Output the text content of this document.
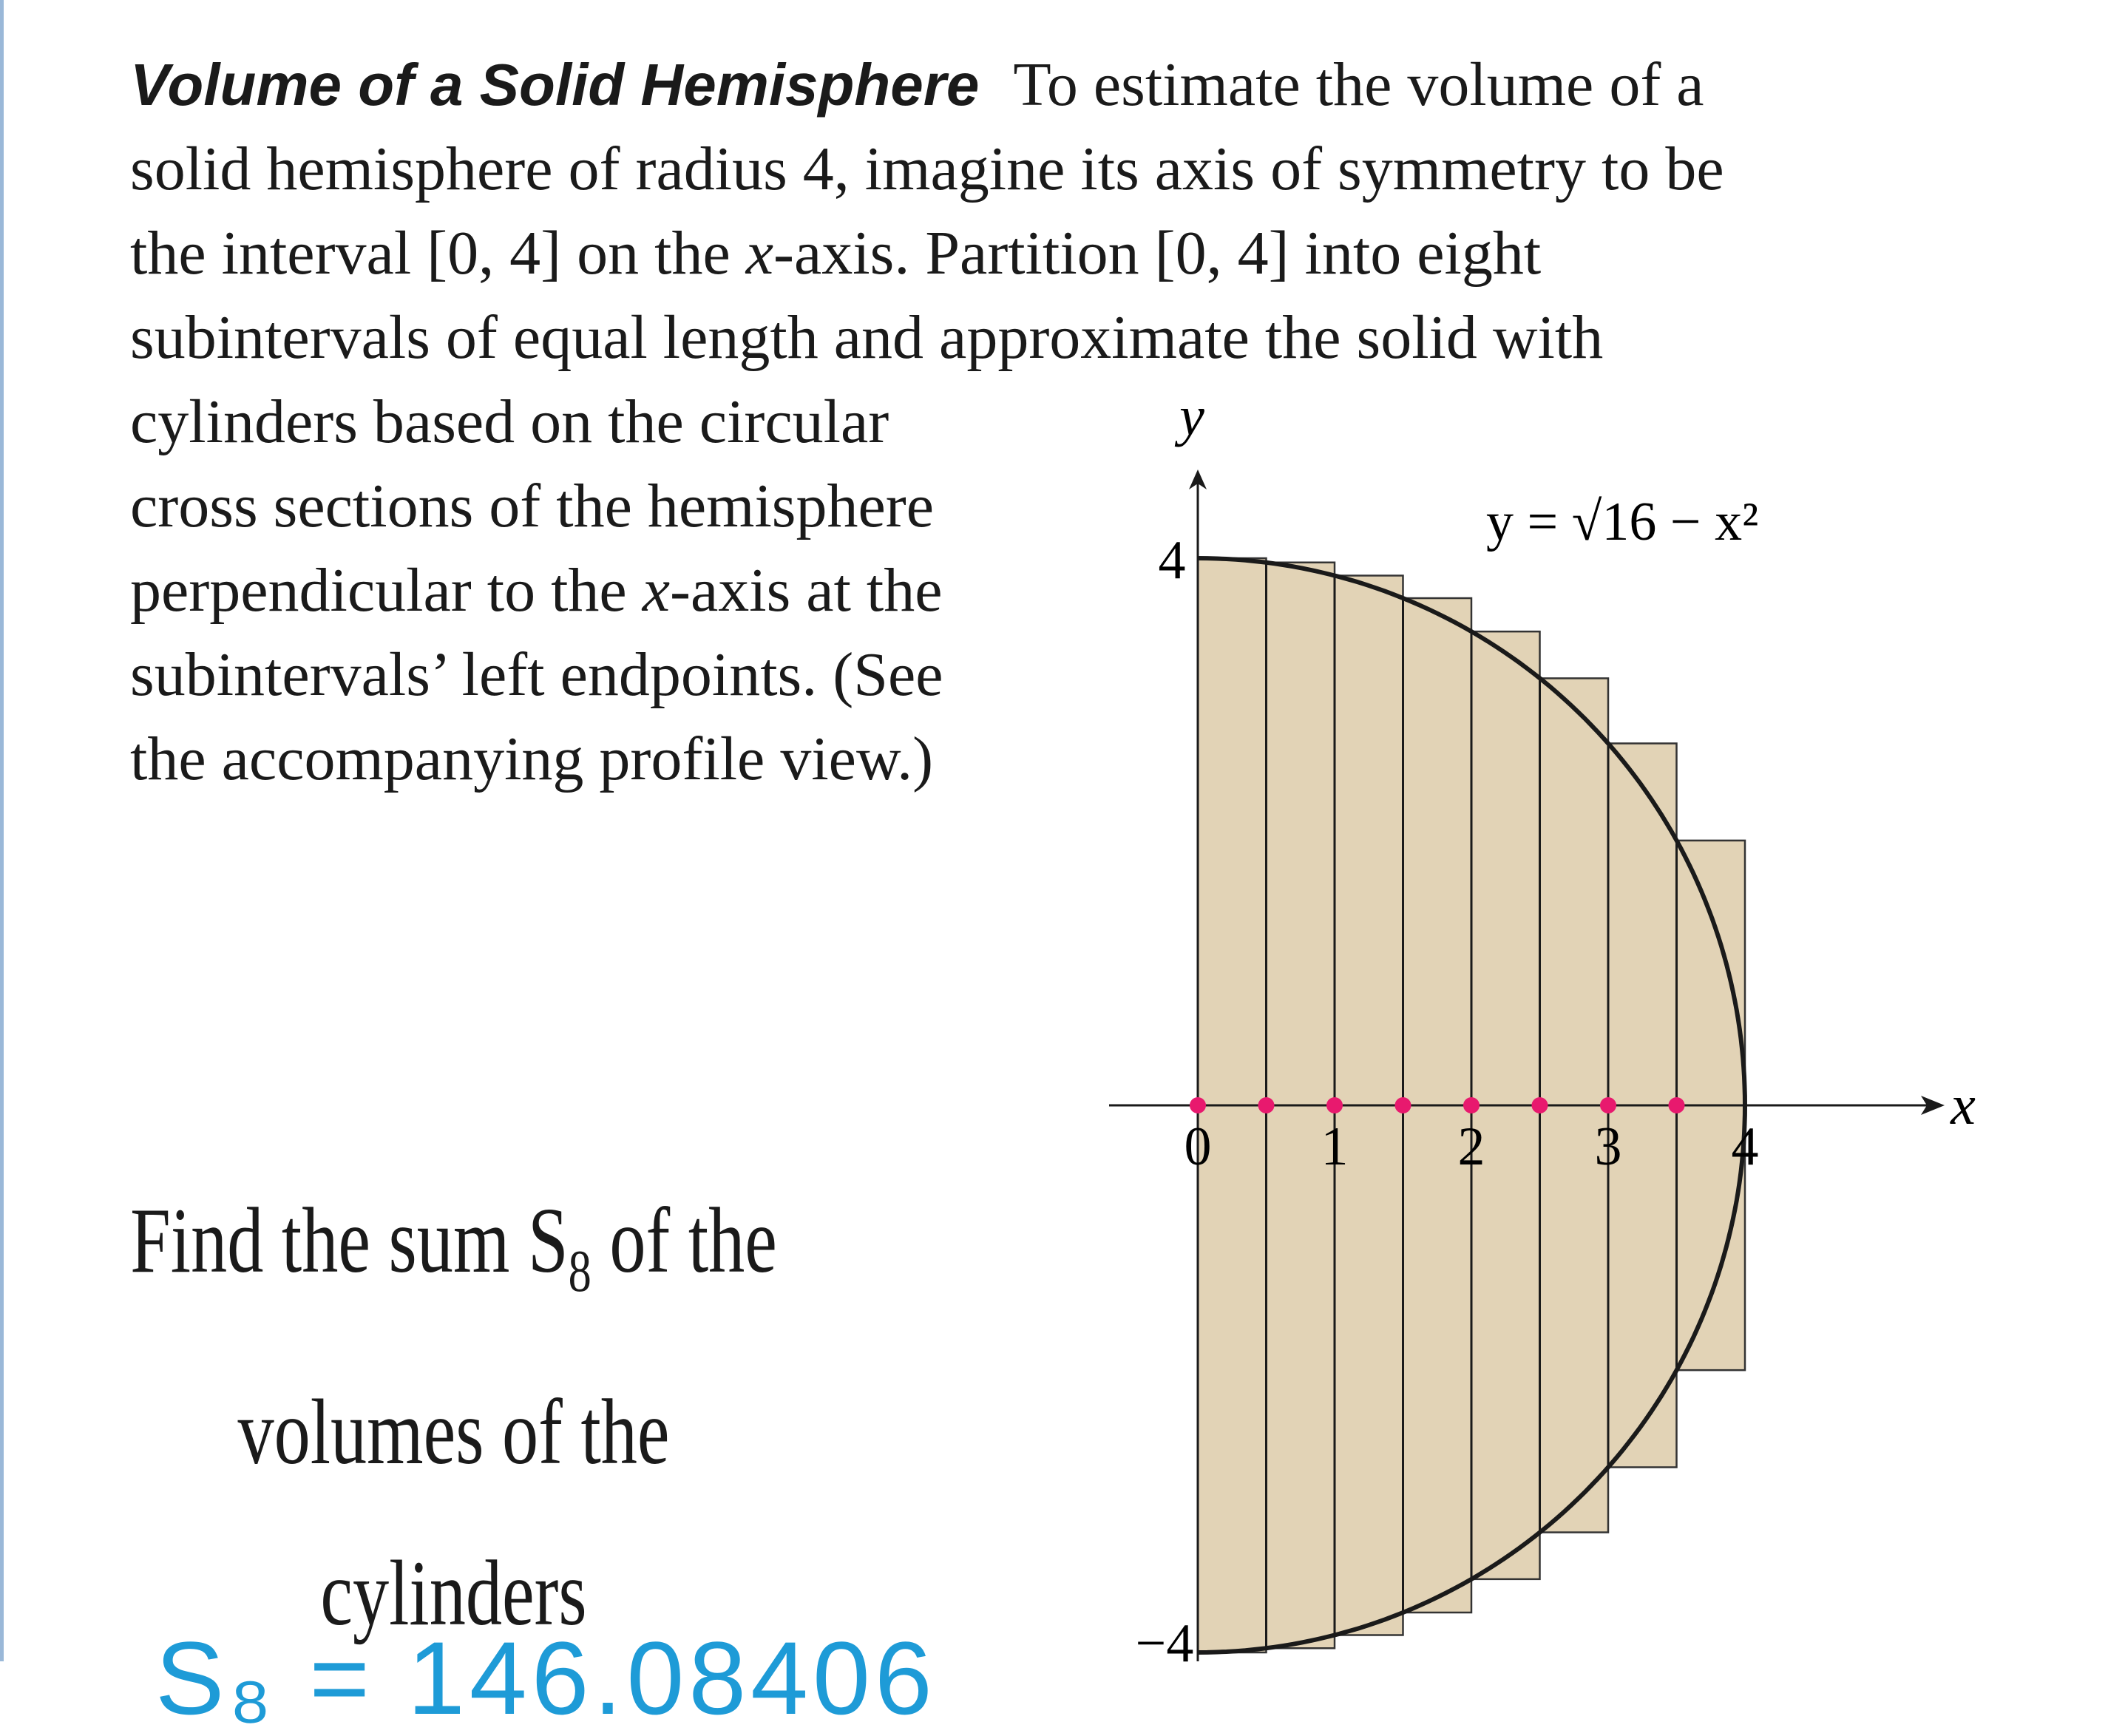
Volume of a Solid Hemisphere To estimate the volume of a
solid hemisphere of radius 4, imagine its axis of symmetry to be
the interval [0, 4] on the x-axis. Partition [0, 4] into eight
subintervals of equal length and approximate the solid with
cylinders based on the circular
cross sections of the hemisphere
perpendicular to the x-axis at the
subintervals’ left endpoints. (See
the accompanying profile view.)

Find the sum $S_8$ of the volumes of the
cylinders

S₈ = 146.08406
y
x
y = √16 − x²
4
−4
0 1 2 3 4
